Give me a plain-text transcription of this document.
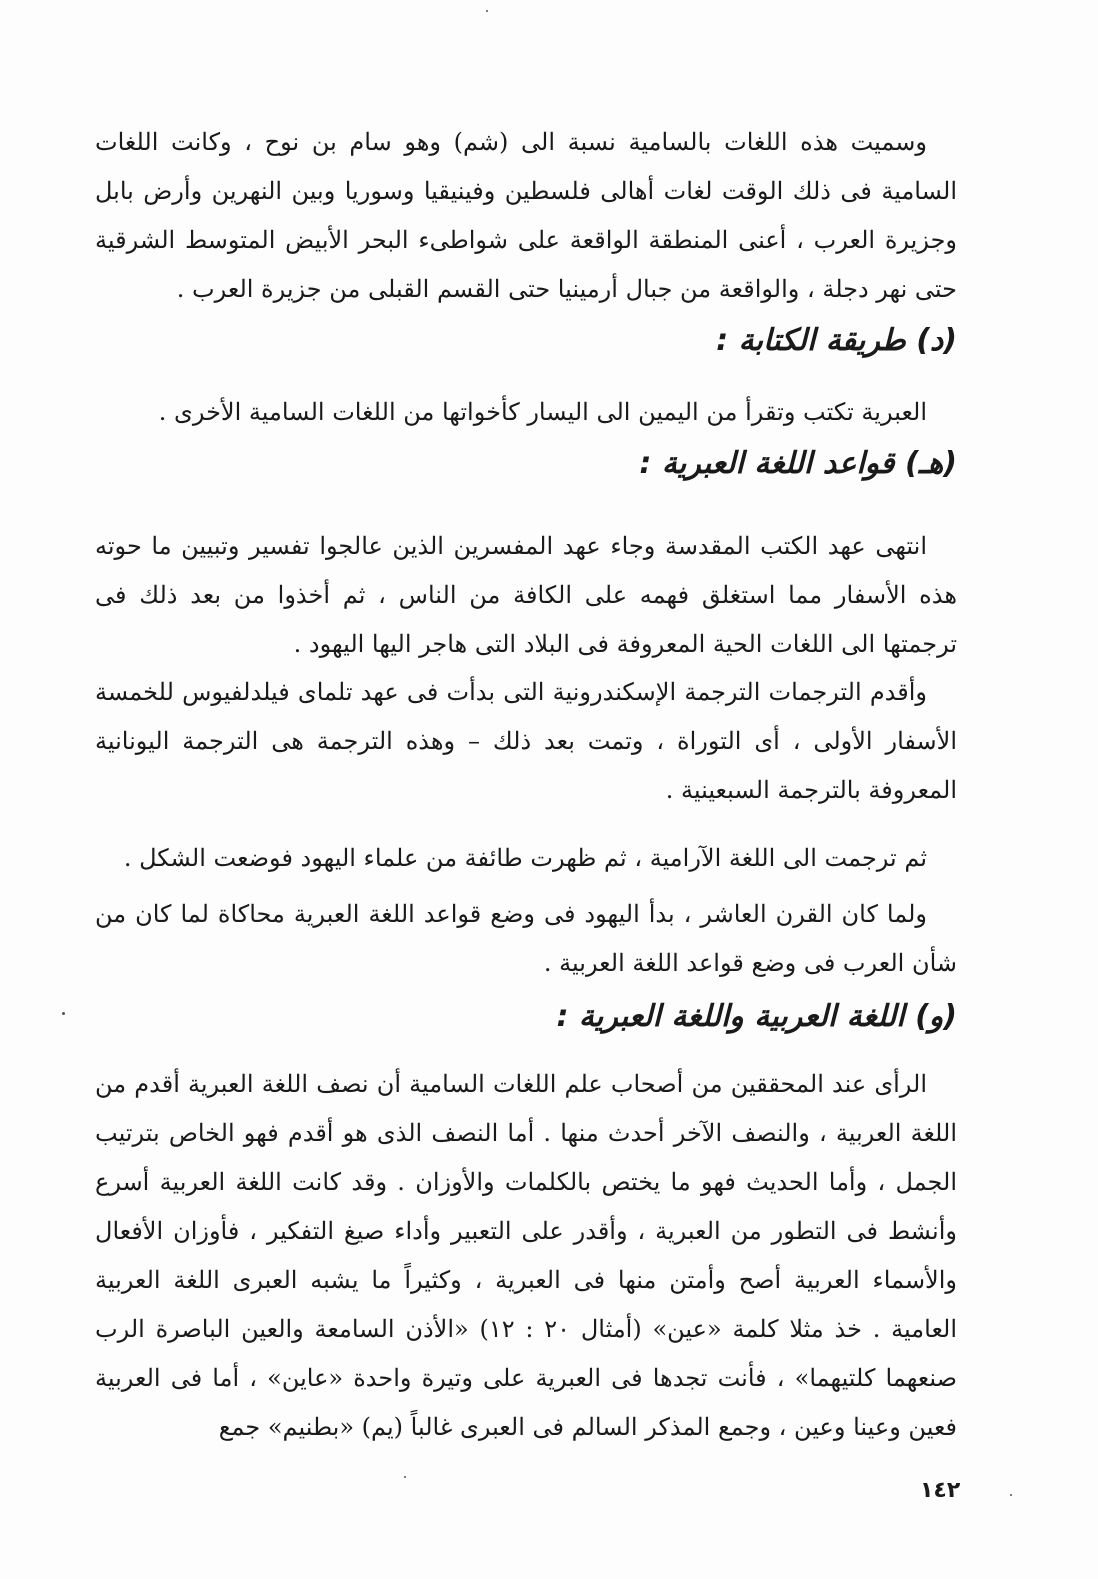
وسميت هذه اللغات بالسامية نسبة الى (شم) وهو سام بن نوح ، وكانت اللغات السامية فى ذلك الوقت لغات أهالى فلسطين وفينيقيا وسوريا وبين النهرين وأرض بابل وجزيرة العرب ، أعنى المنطقة الواقعة على شواطىء البحر الأبيض المتوسط الشرقية حتى نهر دجلة ، والواقعة من جبال أرمينيا حتى القسم القبلى من جزيرة العرب .

(د) طريقة الكتابة :

العبرية تكتب وتقرأ من اليمين الى اليسار كأخواتها من اللغات السامية الأخرى .

(هـ) قواعد اللغة العبرية :

انتهى عهد الكتب المقدسة وجاء عهد المفسرين الذين عالجوا تفسير وتبيين ما حوته هذه الأسفار مما استغلق فهمه على الكافة من الناس ، ثم أخذوا من بعد ذلك فى ترجمتها الى اللغات الحية المعروفة فى البلاد التى هاجر اليها اليهود .

وأقدم الترجمات الترجمة الإسكندرونية التى بدأت فى عهد تلماى فيلدلفيوس للخمسة الأسفار الأولى ، أى التوراة ، وتمت بعد ذلك – وهذه الترجمة هى الترجمة اليونانية المعروفة بالترجمة السبعينية .

ثم ترجمت الى اللغة الآرامية ، ثم ظهرت طائفة من علماء اليهود فوضعت الشكل .

ولما كان القرن العاشر ، بدأ اليهود فى وضع قواعد اللغة العبرية محاكاة لما كان من شأن العرب فى وضع قواعد اللغة العربية .

(و) اللغة العربية واللغة العبرية :

الرأى عند المحققين من أصحاب علم اللغات السامية أن نصف اللغة العبرية أقدم من اللغة العربية ، والنصف الآخر أحدث منها . أما النصف الذى هو أقدم فهو الخاص بترتيب الجمل ، وأما الحديث فهو ما يختص بالكلمات والأوزان . وقد كانت اللغة العربية أسرع وأنشط فى التطور من العبرية ، وأقدر على التعبير وأداء صيغ التفكير ، فأوزان الأفعال والأسماء العربية أصح وأمتن منها فى العبرية ، وكثيراً ما يشبه العبرى اللغة العربية العامية . خذ مثلا كلمة «عين» (أمثال ٢٠ : ١٢) «الأذن السامعة والعين الباصرة الرب صنعهما كلتيهما» ، فأنت تجدها فى العبرية على وتيرة واحدة «عاين» ، أما فى العربية فعين وعينا وعين ، وجمع المذكر السالم فى العبرى غالباً (يم) «بطنيم» جمع

١٤٢
